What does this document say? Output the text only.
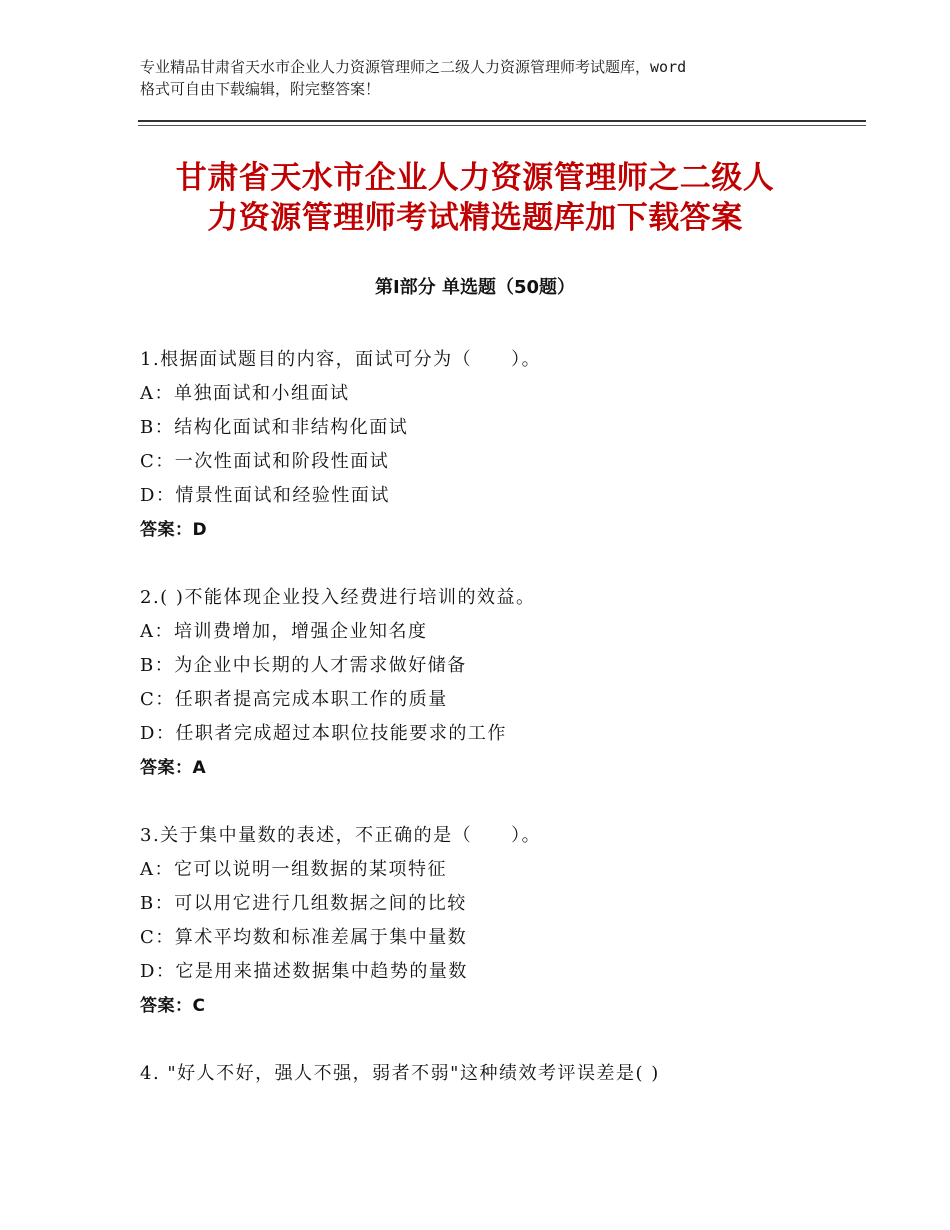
专业精品甘肃省天水市企业人力资源管理师之二级人力资源管理师考试题库，word
格式可自由下载编辑，附完整答案！
甘肃省天水市企业人力资源管理师之二级人
力资源管理师考试精选题库加下载答案
第Ⅰ部分 单选题（50题）
1.根据面试题目的内容，面试可分为（　　）。
A：单独面试和小组面试
B：结构化面试和非结构化面试
C：一次性面试和阶段性面试
D：情景性面试和经验性面试
答案：D
2.( )不能体现企业投入经费进行培训的效益。
A：培训费增加，增强企业知名度
B：为企业中长期的人才需求做好储备
C：任职者提高完成本职工作的质量
D：任职者完成超过本职位技能要求的工作
答案：A
3.关于集中量数的表述，不正确的是（　　）。
A：它可以说明一组数据的某项特征
B：可以用它进行几组数据之间的比较
C：算术平均数和标准差属于集中量数
D：它是用来描述数据集中趋势的量数
答案：C
4. "好人不好，强人不强，弱者不弱"这种绩效考评误差是( )
